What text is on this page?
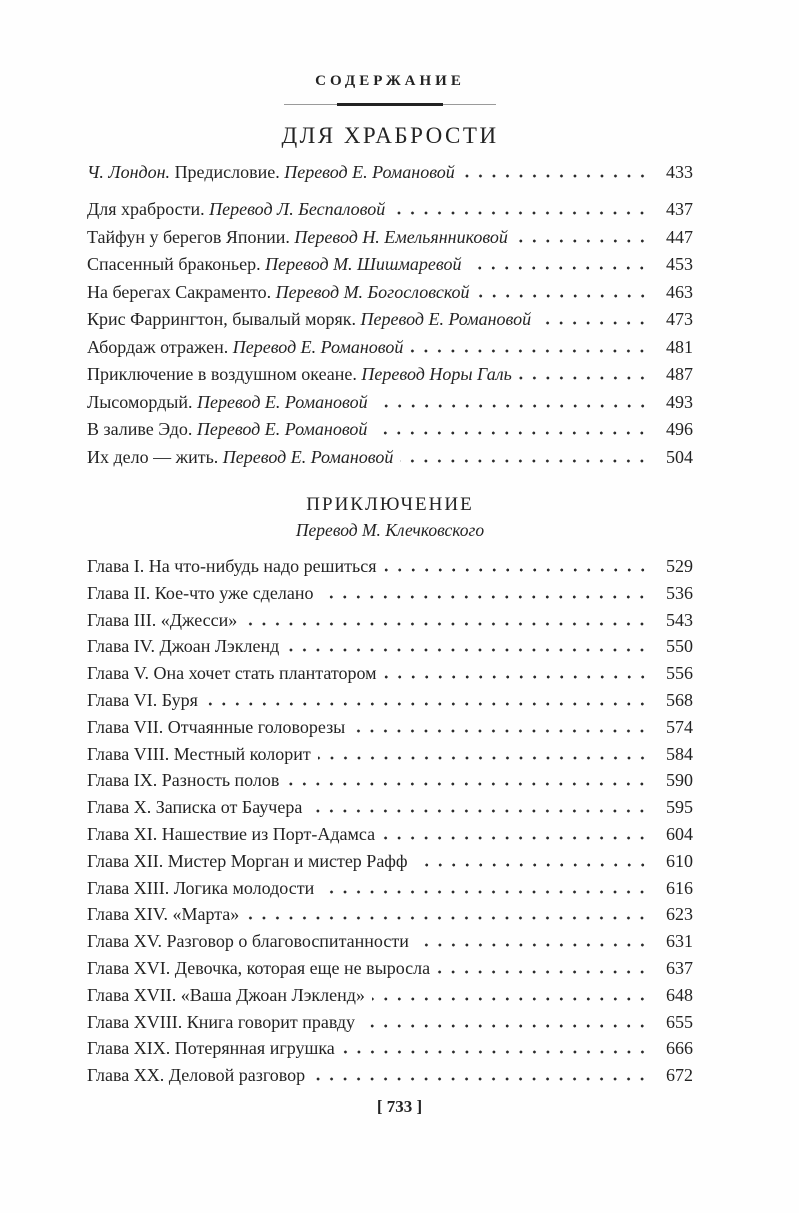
СОДЕРЖАНИЕ
ДЛЯ ХРАБРОСТИ
Ч. Лондон. Предисловие. Перевод Е. Романовой	433
Для храбрости. Перевод Л. Беспаловой	437
Тайфун у берегов Японии. Перевод Н. Емельянниковой	447
Спасенный браконьер. Перевод М. Шишмаревой	453
На берегах Сакраменто. Перевод М. Богословской	463
Крис Фаррингтон, бывалый моряк. Перевод Е. Романовой	473
Абордаж отражен. Перевод Е. Романовой	481
Приключение в воздушном океане. Перевод Норы Галь	487
Лысомордый. Перевод Е. Романовой	493
В заливе Эдо. Перевод Е. Романовой	496
Их дело — жить. Перевод Е. Романовой	504
ПРИКЛЮЧЕНИЕ
Перевод М. Клечковского
Глава I. На что-нибудь надо решиться	529
Глава II. Кое-что уже сделано	536
Глава III. «Джесси»	543
Глава IV. Джоан Лэкленд	550
Глава V. Она хочет стать плантатором	556
Глава VI. Буря	568
Глава VII. Отчаянные головорезы	574
Глава VIII. Местный колорит	584
Глава IX. Разность полов	590
Глава X. Записка от Баучера	595
Глава XI. Нашествие из Порт-Адамса	604
Глава XII. Мистер Морган и мистер Рафф	610
Глава XIII. Логика молодости	616
Глава XIV. «Марта»	623
Глава XV. Разговор о благовоспитанности	631
Глава XVI. Девочка, которая еще не выросла	637
Глава XVII. «Ваша Джоан Лэкленд»	648
Глава XVIII. Книга говорит правду	655
Глава XIX. Потерянная игрушка	666
Глава XX. Деловой разговор	672
[ 733 ]
